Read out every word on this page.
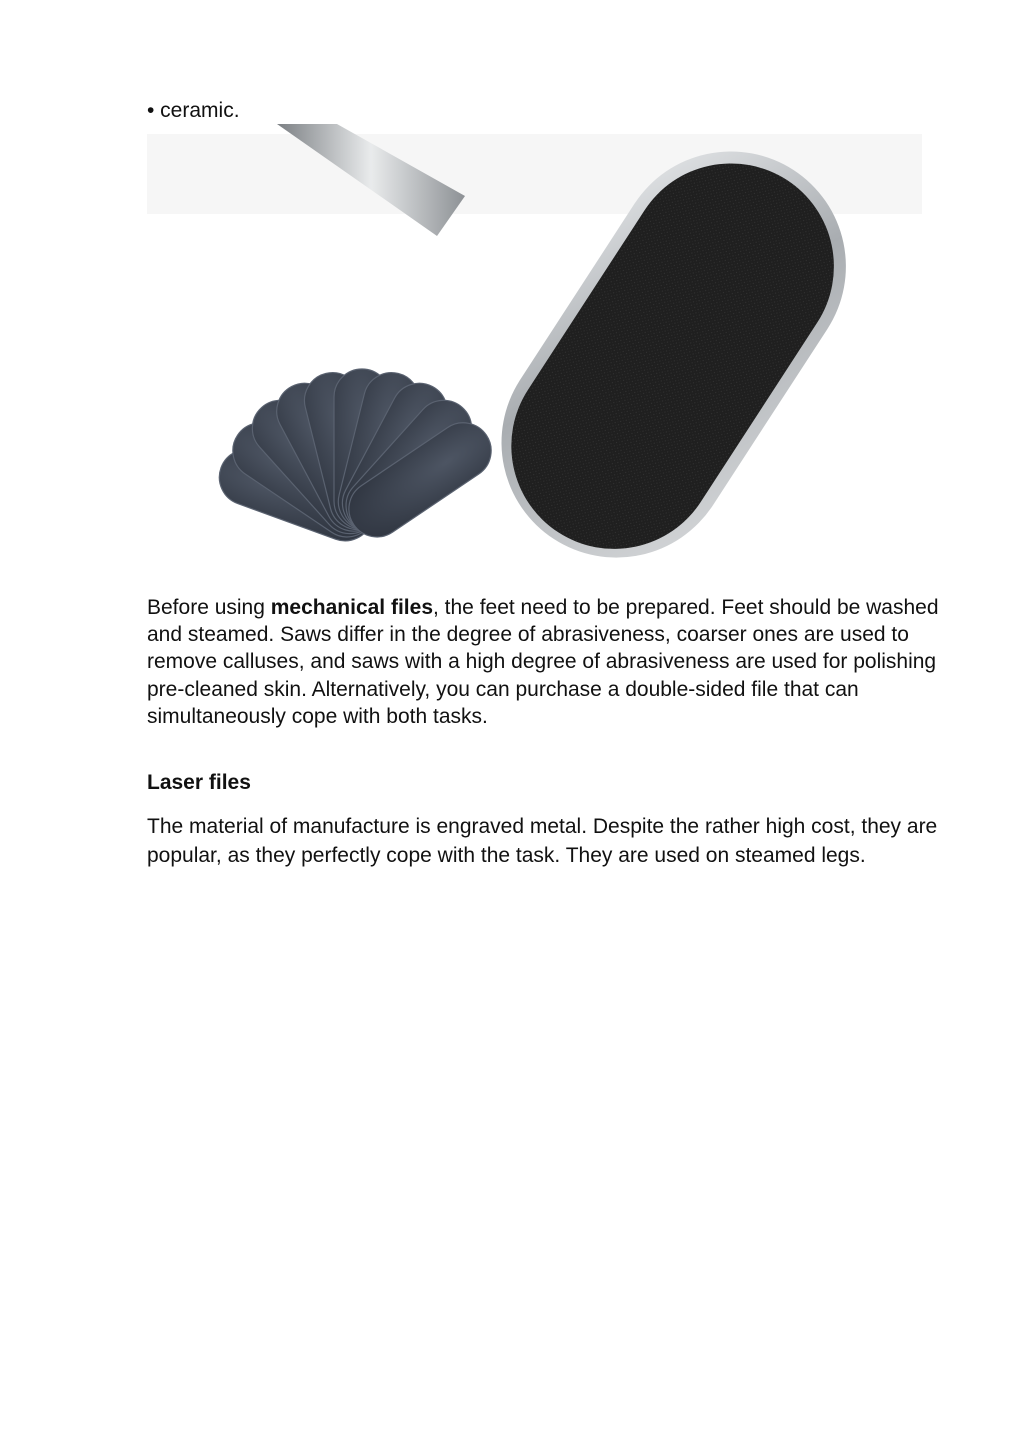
• ceramic.

Before using mechanical files, the feet need to be prepared. Feet should be washed and steamed. Saws differ in the degree of abrasiveness, coarser ones are used to remove calluses, and saws with a high degree of abrasiveness are used for polishing pre-cleaned skin. Alternatively, you can purchase a double-sided file that can simultaneously cope with both tasks.

Laser files

The material of manufacture is engraved metal. Despite the rather high cost, they are popular, as they perfectly cope with the task. They are used on steamed legs.
